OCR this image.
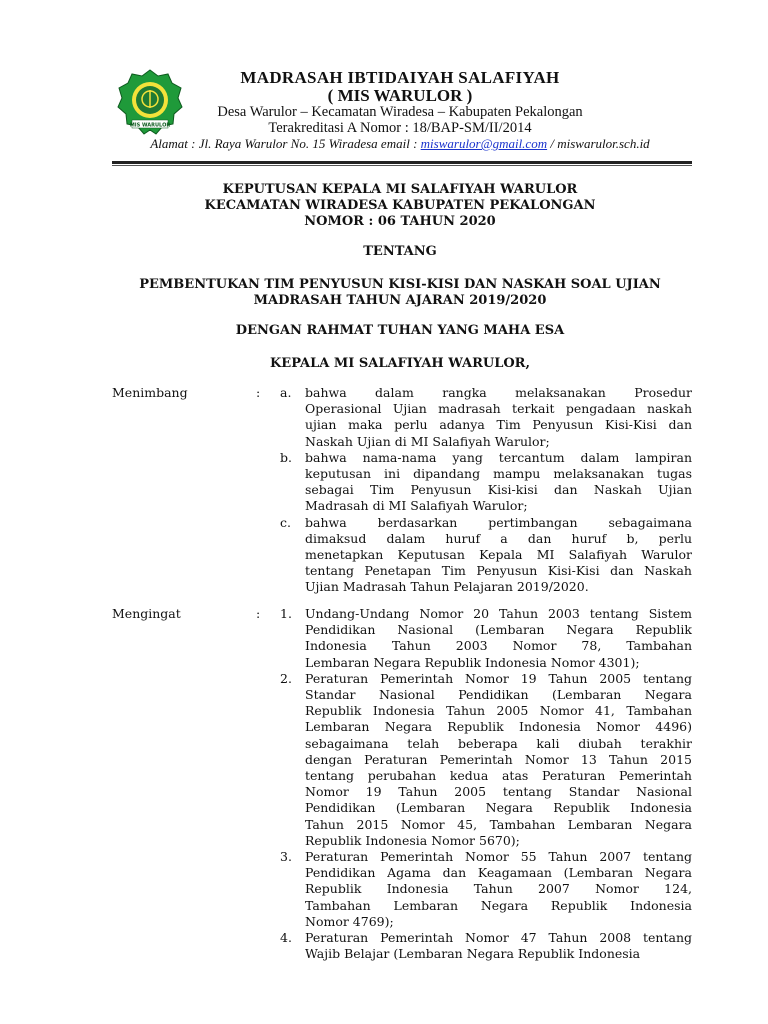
MIS WARULOR
MADRASAH IBTIDAIYAH SALAFIYAH
( MIS WARULOR )
Desa Warulor – Kecamatan Wiradesa – Kabupaten Pekalongan
Terakreditasi A Nomor : 18/BAP-SM/II/2014
Alamat : Jl. Raya Warulor No. 15 Wiradesa email : miswarulor@gmail.com / miswarulor.sch.id
KEPUTUSAN KEPALA MI SALAFIYAH WARULOR
KECAMATAN WIRADESA KABUPATEN PEKALONGAN
NOMOR : 06 TAHUN 2020
TENTANG
PEMBENTUKAN TIM PENYUSUN KISI-KISI DAN NASKAH SOAL UJIAN
MADRASAH TAHUN AJARAN 2019/2020
DENGAN RAHMAT TUHAN YANG MAHA ESA
KEPALA MI SALAFIYAH WARULOR,
Menimbang	:	a.	bahwa dalam rangka melaksanakan Prosedur
Operasional Ujian madrasah terkait pengadaan naskah
ujian maka perlu adanya Tim Penyusun Kisi-Kisi dan
Naskah Ujian di MI Salafiyah Warulor;
b.	bahwa nama-nama yang tercantum dalam lampiran
keputusan ini dipandang mampu melaksanakan tugas
sebagai Tim Penyusun Kisi-kisi dan Naskah Ujian
Madrasah di MI Salafiyah Warulor;
c.	bahwa berdasarkan pertimbangan sebagaimana
dimaksud dalam huruf a dan huruf b, perlu
menetapkan Keputusan Kepala MI Salafiyah Warulor
tentang Penetapan Tim Penyusun Kisi-Kisi dan Naskah
Ujian Madrasah Tahun Pelajaran 2019/2020.
Mengingat	:	1.	Undang-Undang Nomor 20 Tahun 2003 tentang Sistem
Pendidikan Nasional (Lembaran Negara Republik
Indonesia Tahun 2003 Nomor 78, Tambahan
Lembaran Negara Republik Indonesia Nomor 4301);
2.	Peraturan Pemerintah Nomor 19 Tahun 2005 tentang
Standar Nasional Pendidikan (Lembaran Negara
Republik Indonesia Tahun 2005 Nomor 41, Tambahan
Lembaran Negara Republik Indonesia Nomor 4496)
sebagaimana telah beberapa kali diubah terakhir
dengan Peraturan Pemerintah Nomor 13 Tahun 2015
tentang perubahan kedua atas Peraturan Pemerintah
Nomor 19 Tahun 2005 tentang Standar Nasional
Pendidikan (Lembaran Negara Republik Indonesia
Tahun 2015 Nomor 45, Tambahan Lembaran Negara
Republik Indonesia Nomor 5670);
3.	Peraturan Pemerintah Nomor 55 Tahun 2007 tentang
Pendidikan Agama dan Keagamaan (Lembaran Negara
Republik Indonesia Tahun 2007 Nomor 124,
Tambahan Lembaran Negara Republik Indonesia
Nomor 4769);
4.	Peraturan Pemerintah Nomor 47 Tahun 2008 tentang
Wajib Belajar (Lembaran Negara Republik Indonesia
